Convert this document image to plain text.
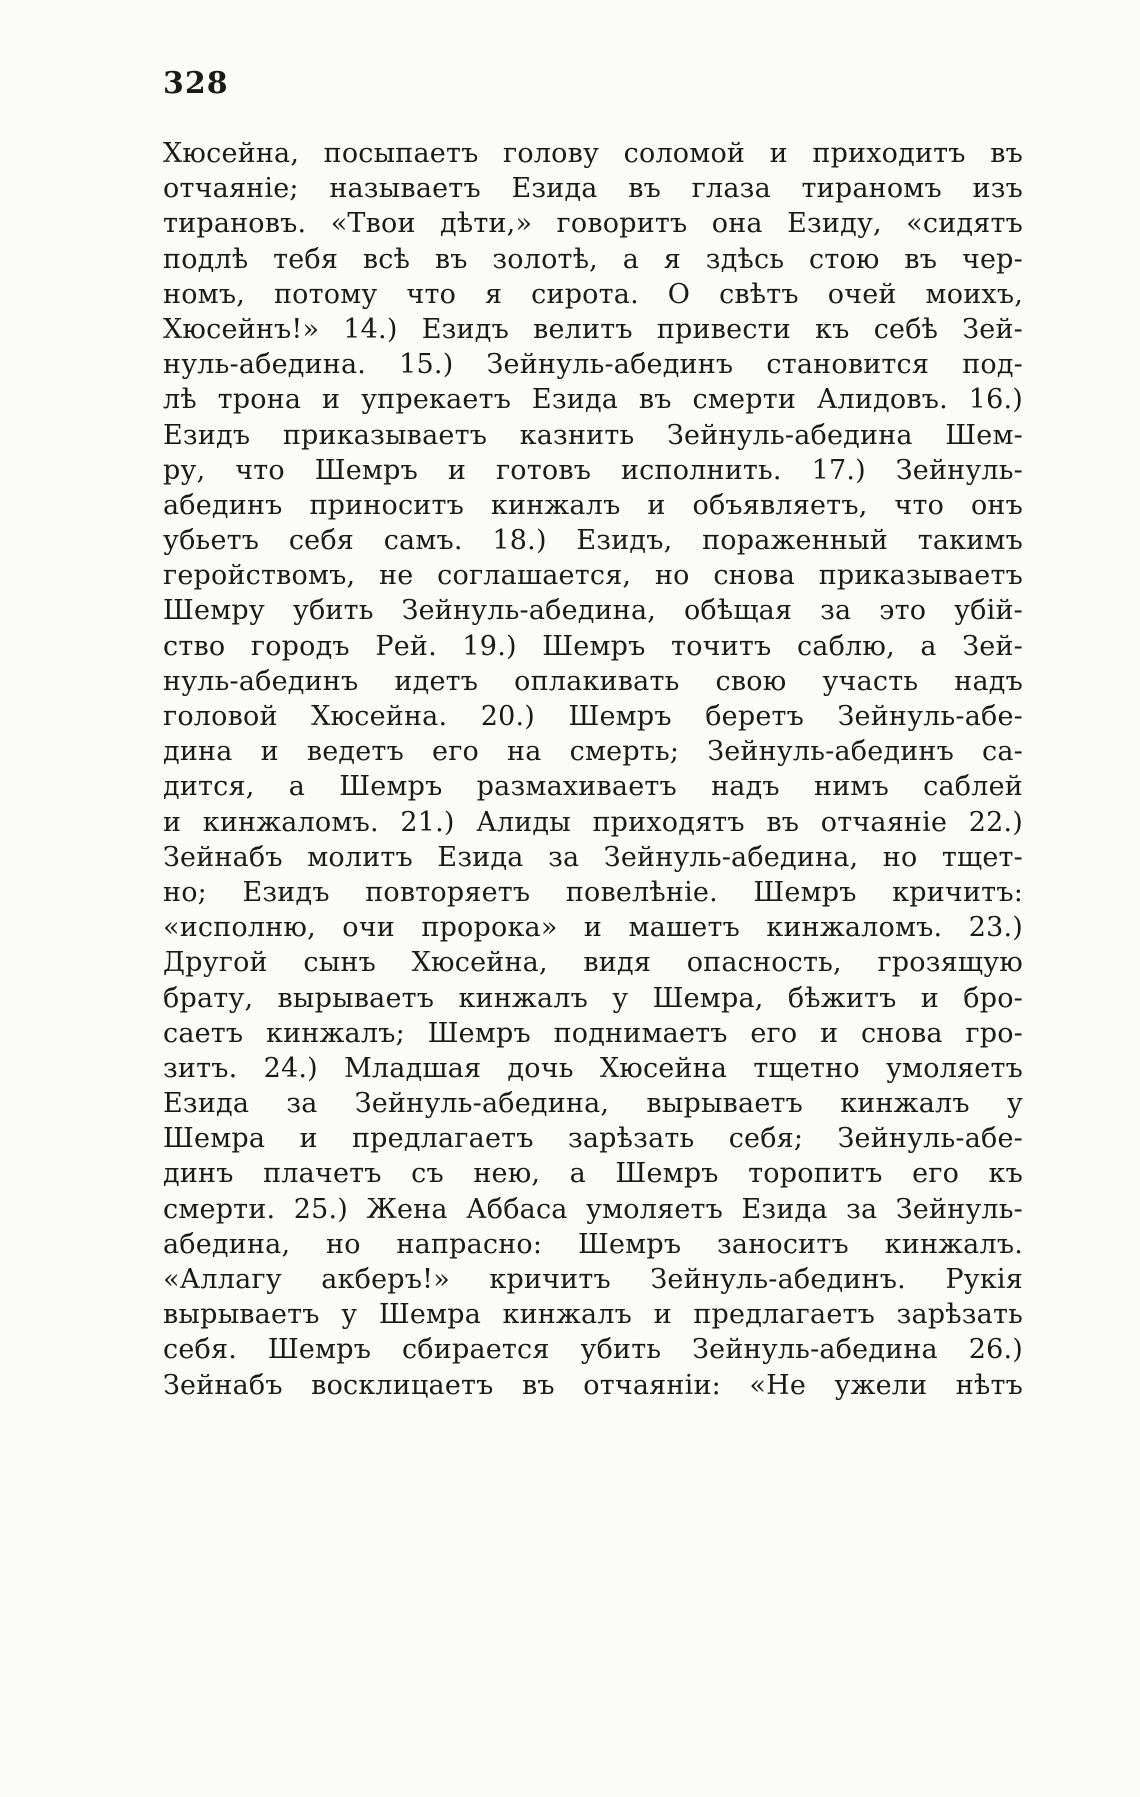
328
Хюсейна, посыпаетъ голову соломой и приходитъ въ
отчаяніе; называетъ Езида въ глаза тираномъ изъ
тирановъ. «Твои дѣти,» говоритъ она Езиду, «сидятъ
подлѣ тебя всѣ въ золотѣ, а я здѣсь стою въ чер-
номъ, потому что я сирота. О свѣтъ очей моихъ,
Хюсейнъ!» 14.) Езидъ велитъ привести къ себѣ Зей-
нуль-абедина. 15.) Зейнуль-абединъ становится под-
лѣ трона и упрекаетъ Езида въ смерти Алидовъ. 16.)
Езидъ приказываетъ казнить Зейнуль-абедина Шем-
ру, что Шемръ и готовъ исполнить. 17.) Зейнуль-
абединъ приноситъ кинжалъ и объявляетъ, что онъ
убьетъ себя самъ. 18.) Езидъ, пораженный такимъ
геройствомъ, не соглашается, но снова приказываетъ
Шемру убить Зейнуль-абедина, обѣщая за это убій-
ство городъ Рей. 19.) Шемръ точитъ саблю, а Зей-
нуль-абединъ идетъ оплакивать свою участь надъ
головой Хюсейна. 20.) Шемръ беретъ Зейнуль-абе-
дина и ведетъ его на смерть; Зейнуль-абединъ са-
дится, а Шемръ размахиваетъ надъ нимъ саблей
и кинжаломъ. 21.) Алиды приходятъ въ отчаяніе 22.)
Зейнабъ молитъ Езида за Зейнуль-абедина, но тщет-
но; Езидъ повторяетъ повелѣніе. Шемръ кричитъ:
«исполню, очи пророка» и машетъ кинжаломъ. 23.)
Другой сынъ Хюсейна, видя опасность, грозящую
брату, вырываетъ кинжалъ у Шемра, бѣжитъ и бро-
саетъ кинжалъ; Шемръ поднимаетъ его и снова гро-
зитъ. 24.) Младшая дочь Хюсейна тщетно умоляетъ
Езида за Зейнуль-абедина, вырываетъ кинжалъ у
Шемра и предлагаетъ зарѣзать себя; Зейнуль-абе-
динъ плачетъ съ нею, а Шемръ торопитъ его къ
смерти. 25.) Жена Аббаса умоляетъ Езида за Зейнуль-
абедина, но напрасно: Шемръ заноситъ кинжалъ.
«Аллагу акберъ!» кричитъ Зейнуль-абединъ. Рукія
вырываетъ у Шемра кинжалъ и предлагаетъ зарѣзать
себя. Шемръ сбирается убить Зейнуль-абедина 26.)
Зейнабъ восклицаетъ въ отчаяніи: «Не ужели нѣтъ
